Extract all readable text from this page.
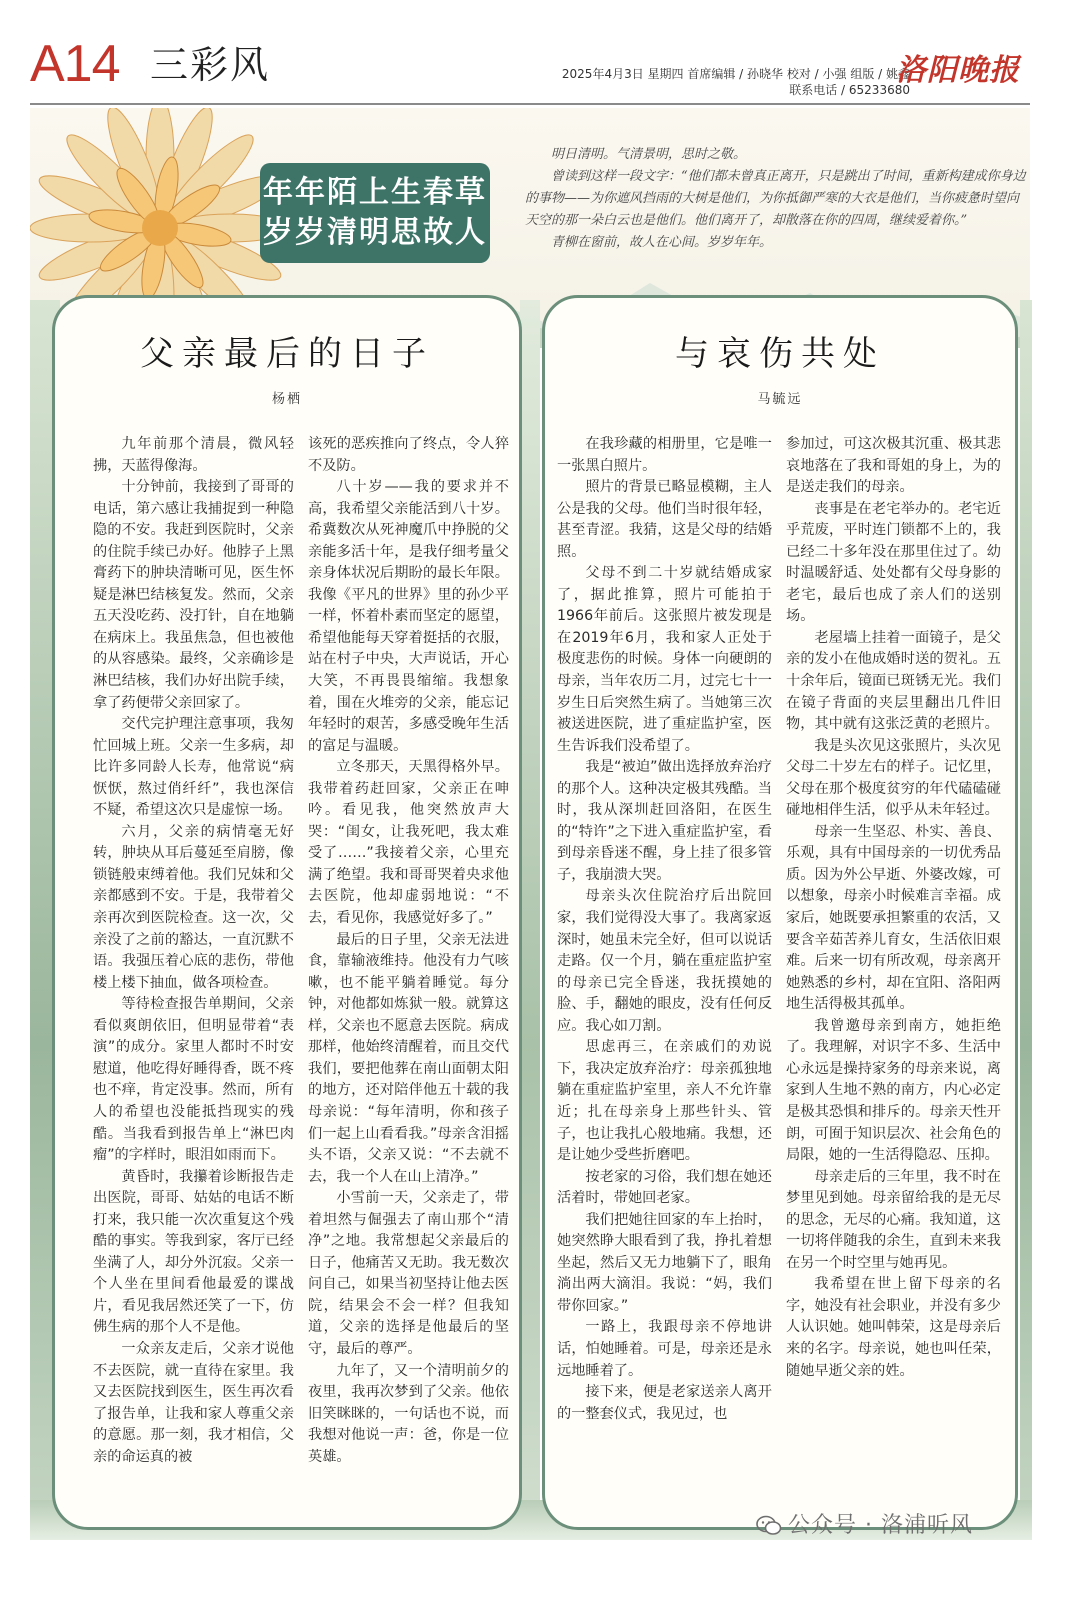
A14 三彩风	2025年4月3日 星期四 首席编辑 / 孙晓华 校对 / 小强 组版 / 姚鑫
联系电话 / 65233680
洛阳晚报
年年陌上生春草
岁岁清明思故人

明日清明。气清景明，思时之敬。

曾读到这样一段文字：“他们都未曾真正离开，只是跳出了时间，重新构建成你身边的事物——为你遮风挡雨的大树是他们，为你抵御严寒的大衣是他们，当你疲惫时望向天空的那一朵白云也是他们。他们离开了，却散落在你的四周，继续爱着你。”

青柳在窗前，故人在心间。岁岁年年。

父亲最后的日子
杨栖

九年前那个清晨，微风轻拂，天蓝得像海。

十分钟前，我接到了哥哥的电话，第六感让我捕捉到一种隐隐的不安。我赶到医院时，父亲的住院手续已办好。他脖子上黑膏药下的肿块清晰可见，医生怀疑是淋巴结核复发。然而，父亲五天没吃药、没打针，自在地躺在病床上。我虽焦急，但也被他的从容感染。最终，父亲确诊是淋巴结核，我们办好出院手续，拿了药便带父亲回家了。

交代完护理注意事项，我匆忙回城上班。父亲一生多病，却比许多同龄人长寿，他常说“病恹恹，熬过俏纤纤”，我也深信不疑，希望这次只是虚惊一场。

六月，父亲的病情毫无好转，肿块从耳后蔓延至肩膀，像锁链般束缚着他。我们兄妹和父亲都感到不安。于是，我带着父亲再次到医院检查。这一次，父亲没了之前的豁达，一直沉默不语。我强压着心底的悲伤，带他楼上楼下抽血，做各项检查。

等待检查报告单期间，父亲看似爽朗依旧，但明显带着“表演”的成分。家里人都时不时安慰道，他吃得好睡得香，既不疼也不痒，肯定没事。然而，所有人的希望也没能抵挡现实的残酷。当我看到报告单上“淋巴肉瘤”的字样时，眼泪如雨而下。

黄昏时，我攥着诊断报告走出医院，哥哥、姑姑的电话不断打来，我只能一次次重复这个残酷的事实。等我到家，客厅已经坐满了人，却分外沉寂。父亲一个人坐在里间看他最爱的谍战片，看见我居然还笑了一下，仿佛生病的那个人不是他。

一众亲友走后，父亲才说他不去医院，就一直待在家里。我又去医院找到医生，医生再次看了报告单，让我和家人尊重父亲的意愿。那一刻，我才相信，父亲的命运真的被

该死的恶疾推向了终点，令人猝不及防。

八十岁——我的要求并不高，我希望父亲能活到八十岁。希冀数次从死神魔爪中挣脱的父亲能多活十年，是我仔细考量父亲身体状况后期盼的最长年限。我像《平凡的世界》里的孙少平一样，怀着朴素而坚定的愿望，希望他能每天穿着挺括的衣服，站在村子中央，大声说话，开心大笑，不再畏畏缩缩。我想象着，围在火堆旁的父亲，能忘记年轻时的艰苦，多感受晚年生活的富足与温暖。

立冬那天，天黑得格外早。我带着药赶回家，父亲正在呻吟。看见我，他突然放声大哭：“闺女，让我死吧，我太难受了……”我接着父亲，心里充满了绝望。我和哥哥哭着央求他去医院，他却虚弱地说：“不去，看见你，我感觉好多了。”

最后的日子里，父亲无法进食，靠输液维持。他没有力气咳嗽，也不能平躺着睡觉。每分钟，对他都如炼狱一般。就算这样，父亲也不愿意去医院。病成那样，他始终清醒着，而且交代我们，要把他葬在南山面朝太阳的地方，还对陪伴他五十载的我母亲说：“每年清明，你和孩子们一起上山看看我。”母亲含泪摇头不语，父亲又说：“不去就不去，我一个人在山上清净。”

小雪前一天，父亲走了，带着坦然与倔强去了南山那个“清净”之地。我常想起父亲最后的日子，他痛苦又无助。我无数次问自己，如果当初坚持让他去医院，结果会不会一样？但我知道，父亲的选择是他最后的坚守，最后的尊严。

九年了，又一个清明前夕的夜里，我再次梦到了父亲。他依旧笑眯眯的，一句话也不说，而我想对他说一声：爸，你是一位英雄。

与哀伤共处
马毓远

在我珍藏的相册里，它是唯一一张黑白照片。

照片的背景已略显模糊，主人公是我的父母。他们当时很年轻，甚至青涩。我猜，这是父母的结婚照。

父母不到二十岁就结婚成家了，据此推算，照片可能拍于1966年前后。这张照片被发现是在2019年6月，我和家人正处于极度悲伤的时候。身体一向硬朗的母亲，当年农历二月，过完七十一岁生日后突然生病了。当她第三次被送进医院，进了重症监护室，医生告诉我们没希望了。

我是“被迫”做出选择放弃治疗的那个人。这种决定极其残酷。当时，我从深圳赶回洛阳，在医生的“特许”之下进入重症监护室，看到母亲昏迷不醒，身上挂了很多管子，我崩溃大哭。

母亲头次住院治疗后出院回家，我们觉得没大事了。我离家返深时，她虽未完全好，但可以说话走路。仅一个月，躺在重症监护室的母亲已完全昏迷，我抚摸她的脸、手，翻她的眼皮，没有任何反应。我心如刀割。

思虑再三，在亲戚们的劝说下，我决定放弃治疗：母亲孤独地躺在重症监护室里，亲人不允许靠近；扎在母亲身上那些针头、管子，也让我扎心般地痛。我想，还是让她少受些折磨吧。

按老家的习俗，我们想在她还活着时，带她回老家。

我们把她往回家的车上抬时，她突然睁大眼看到了我，挣扎着想坐起，然后又无力地躺下了，眼角淌出两大滴泪。我说：“妈，我们带你回家。”

一路上，我跟母亲不停地讲话，怕她睡着。可是，母亲还是永远地睡着了。

接下来，便是老家送亲人离开的一整套仪式，我见过，也

参加过，可这次极其沉重、极其悲哀地落在了我和哥姐的身上，为的是送走我们的母亲。

丧事是在老宅举办的。老宅近乎荒废，平时连门锁都不上的，我已经二十多年没在那里住过了。幼时温暖舒适、处处都有父母身影的老宅，最后也成了亲人们的送别场。

老屋墙上挂着一面镜子，是父亲的发小在他成婚时送的贺礼。五十余年后，镜面已斑锈无光。我们在镜子背面的夹层里翻出几件旧物，其中就有这张泛黄的老照片。

我是头次见这张照片，头次见父母二十岁左右的样子。记忆里，父母在那个极度贫穷的年代磕磕碰碰地相伴生活，似乎从未年轻过。

母亲一生坚忍、朴实、善良、乐观，具有中国母亲的一切优秀品质。因为外公早逝、外婆改嫁，可以想象，母亲小时候难言幸福。成家后，她既要承担繁重的农活，又要含辛茹苦养儿育女，生活依旧艰难。后来一切有所改观，母亲离开她熟悉的乡村，却在宜阳、洛阳两地生活得极其孤单。

我曾邀母亲到南方，她拒绝了。我理解，对识字不多、生活中心永远是操持家务的母亲来说，离家到人生地不熟的南方，内心必定是极其恐惧和排斥的。母亲天性开朗，可囿于知识层次、社会角色的局限，她的一生活得隐忍、压抑。

母亲走后的三年里，我不时在梦里见到她。母亲留给我的是无尽的思念，无尽的心痛。我知道，这一切将伴随我的余生，直到未来我在另一个时空里与她再见。

我希望在世上留下母亲的名字，她没有社会职业，并没有多少人认识她。她叫韩荣，这是母亲后来的名字。母亲说，她也叫任荣，随她早逝父亲的姓。

公众号 · 洛浦听风
